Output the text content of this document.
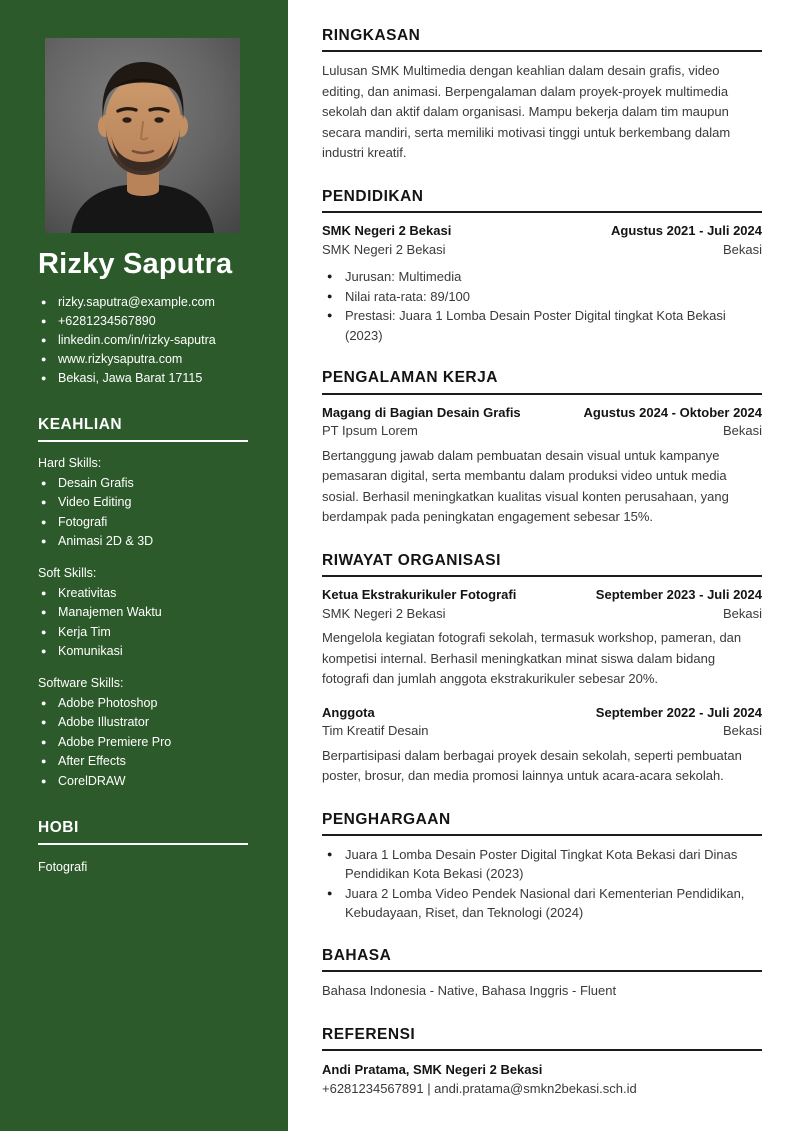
Rizky Saputra
● rizky.saputra@example.com
● +6281234567890
● linkedin.com/in/rizky-saputra
● www.rizkysaputra.com
● Bekasi, Jawa Barat 17115
KEAHLIAN
Hard Skills:
● Desain Grafis
● Video Editing
● Fotografi
● Animasi 2D & 3D
Soft Skills:
● Kreativitas
● Manajemen Waktu
● Kerja Tim
● Komunikasi
Software Skills:
● Adobe Photoshop
● Adobe Illustrator
● Adobe Premiere Pro
● After Effects
● CorelDRAW
HOBI
Fotografi
RINGKASAN

Lulusan SMK Multimedia dengan keahlian dalam desain grafis, video editing, dan animasi. Berpengalaman dalam proyek-proyek multimedia sekolah dan aktif dalam organisasi. Mampu bekerja dalam tim maupun secara mandiri, serta memiliki motivasi tinggi untuk berkembang dalam industri kreatif.

PENDIDIKAN
SMK Negeri 2 Bekasi	Agustus 2021 - Juli 2024
SMK Negeri 2 Bekasi	Bekasi
● Jurusan: Multimedia
● Nilai rata-rata: 89/100
● Prestasi: Juara 1 Lomba Desain Poster Digital tingkat Kota Bekasi (2023)
PENGALAMAN KERJA
Magang di Bagian Desain Grafis	Agustus 2024 - Oktober 2024
PT Ipsum Lorem	Bekasi

Bertanggung jawab dalam pembuatan desain visual untuk kampanye pemasaran digital, serta membantu dalam produksi video untuk media sosial. Berhasil meningkatkan kualitas visual konten perusahaan, yang berdampak pada peningkatan engagement sebesar 15%.

RIWAYAT ORGANISASI
Ketua Ekstrakurikuler Fotografi	September 2023 - Juli 2024
SMK Negeri 2 Bekasi	Bekasi

Mengelola kegiatan fotografi sekolah, termasuk workshop, pameran, dan kompetisi internal. Berhasil meningkatkan minat siswa dalam bidang fotografi dan jumlah anggota ekstrakurikuler sebesar 20%.

Anggota	September 2022 - Juli 2024
Tim Kreatif Desain	Bekasi

Berpartisipasi dalam berbagai proyek desain sekolah, seperti pembuatan poster, brosur, dan media promosi lainnya untuk acara-acara sekolah.

PENGHARGAAN
● Juara 1 Lomba Desain Poster Digital Tingkat Kota Bekasi dari Dinas Pendidikan Kota Bekasi (2023)
● Juara 2 Lomba Video Pendek Nasional dari Kementerian Pendidikan, Kebudayaan, Riset, dan Teknologi (2024)
BAHASA

Bahasa Indonesia - Native, Bahasa Inggris - Fluent

REFERENSI
Andi Pratama, SMK Negeri 2 Bekasi
+6281234567891 | andi.pratama@smkn2bekasi.sch.id
